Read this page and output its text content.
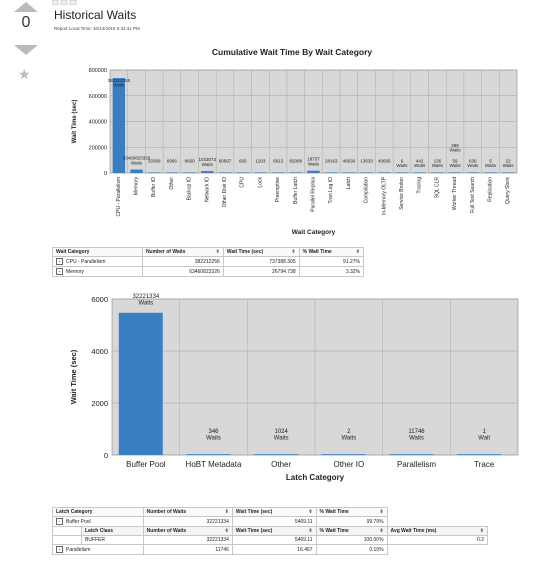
0
★
Historical Waits
Report Local Time: 10/14/2019 5:34:41 PM
Cumulative Wait Time By Wait Category
0
200000
400000
600000
800000
Wait Time (sec)
382212256 Waits
CPU - Parallelism
63460823326 Waits
Memory
20368
Buffer IO
6966
Other
8660
Backup IO
1033073 Waits
Network IO
60567
Other Disk IO
660
CPU
1203
Lock
6813
Preemptive
82088
Buffer Latch
18737 Waits
Parallel Replica
28163
Tran Log IO
46630
Latch
13633
Compilation
40666
In-Memory OLTP
6 Waits
Service Broker
442 Waits
Tracing
136 Waits
SQL CLR
59 Waits
Worker Thread
630 Waits
Full Text Search
5 Waits
Replication
22 Waits
Query Store
298 Waits
Wait Category
Wait Category	Number of Waits ⬍	Wait Time (sec) ⬍	% Wait Time ⬍

+ CPU - Parallelism	382212256	737388.305	91.27%
+ Memory	63460823326	26794.738	3.32%
0
2000
4000
6000
Wait Time (sec)
32221334 Waits
Buffer Pool
346 Waits
HoBT Metadata
1024 Waits
Other
2 Waits
Other IO
11746 Waits
Parallelism
1 Wait
Trace
Latch Category
Latch Category		Number of Waits ⬍	Wait Time (sec) ⬍	% Wait Time ⬍	

− Buffer Pool		32221334	5469.11	99.79%	
	Latch Class	Number of Waits ⬍	Wait Time (sec) ⬍	% Wait Time ⬍	Avg Wait Time (ms) ⬍

	BUFFER	32221334	5469.11	100.00%	0.2
+ Parallelism		11746	16.467	0.19%	
